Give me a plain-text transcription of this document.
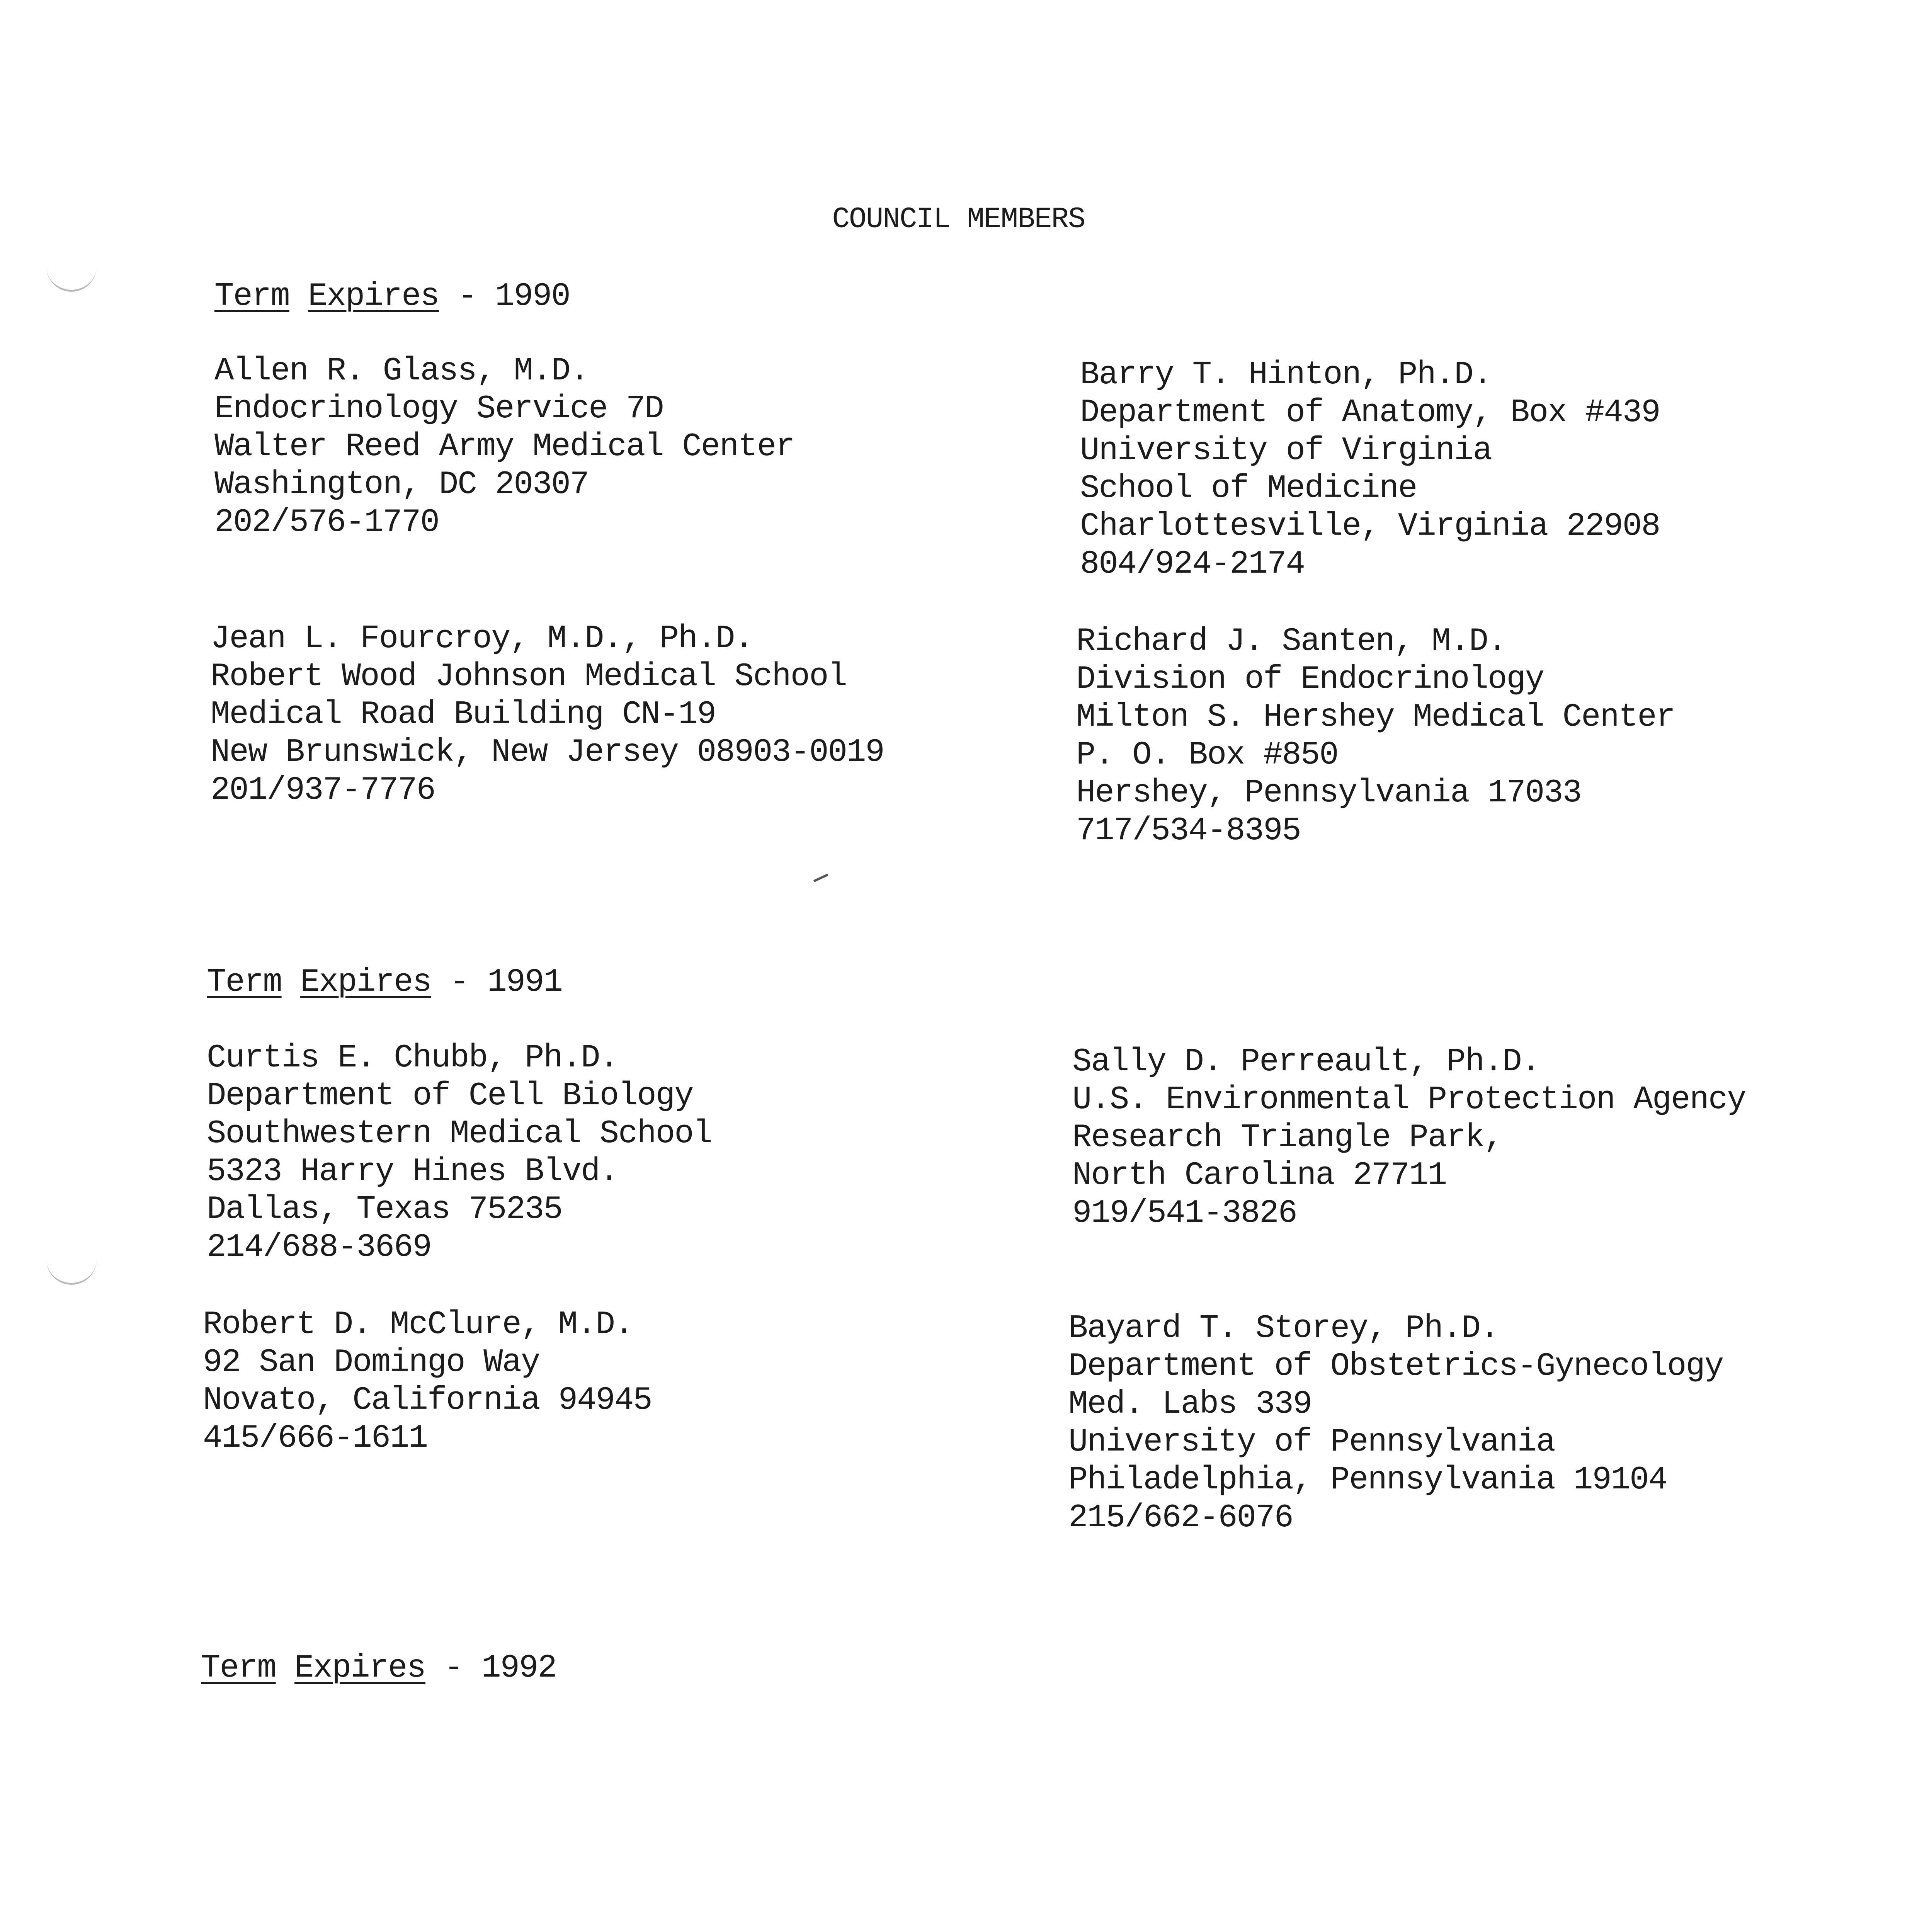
COUNCIL MEMBERS
Term Expires - 1990
Allen R. Glass, M.D.
Endocrinology Service 7D
Walter Reed Army Medical Center
Washington, DC 20307
202/576-1770
Barry T. Hinton, Ph.D.
Department of Anatomy, Box #439
University of Virginia
School of Medicine
Charlottesville, Virginia 22908
804/924-2174
Jean L. Fourcroy, M.D., Ph.D.
Robert Wood Johnson Medical School
Medical Road Building CN-19
New Brunswick, New Jersey 08903-0019
201/937-7776
Richard J. Santen, M.D.
Division of Endocrinology
Milton S. Hershey Medical Center
P. O. Box #850
Hershey, Pennsylvania 17033
717/534-8395
Term Expires - 1991
Curtis E. Chubb, Ph.D.
Department of Cell Biology
Southwestern Medical School
5323 Harry Hines Blvd.
Dallas, Texas 75235
214/688-3669
Sally D. Perreault, Ph.D.
U.S. Environmental Protection Agency
Research Triangle Park,
North Carolina 27711
919/541-3826
Robert D. McClure, M.D.
92 San Domingo Way
Novato, California 94945
415/666-1611
Bayard T. Storey, Ph.D.
Department of Obstetrics-Gynecology
Med. Labs 339
University of Pennsylvania
Philadelphia, Pennsylvania 19104
215/662-6076
Term Expires - 1992
